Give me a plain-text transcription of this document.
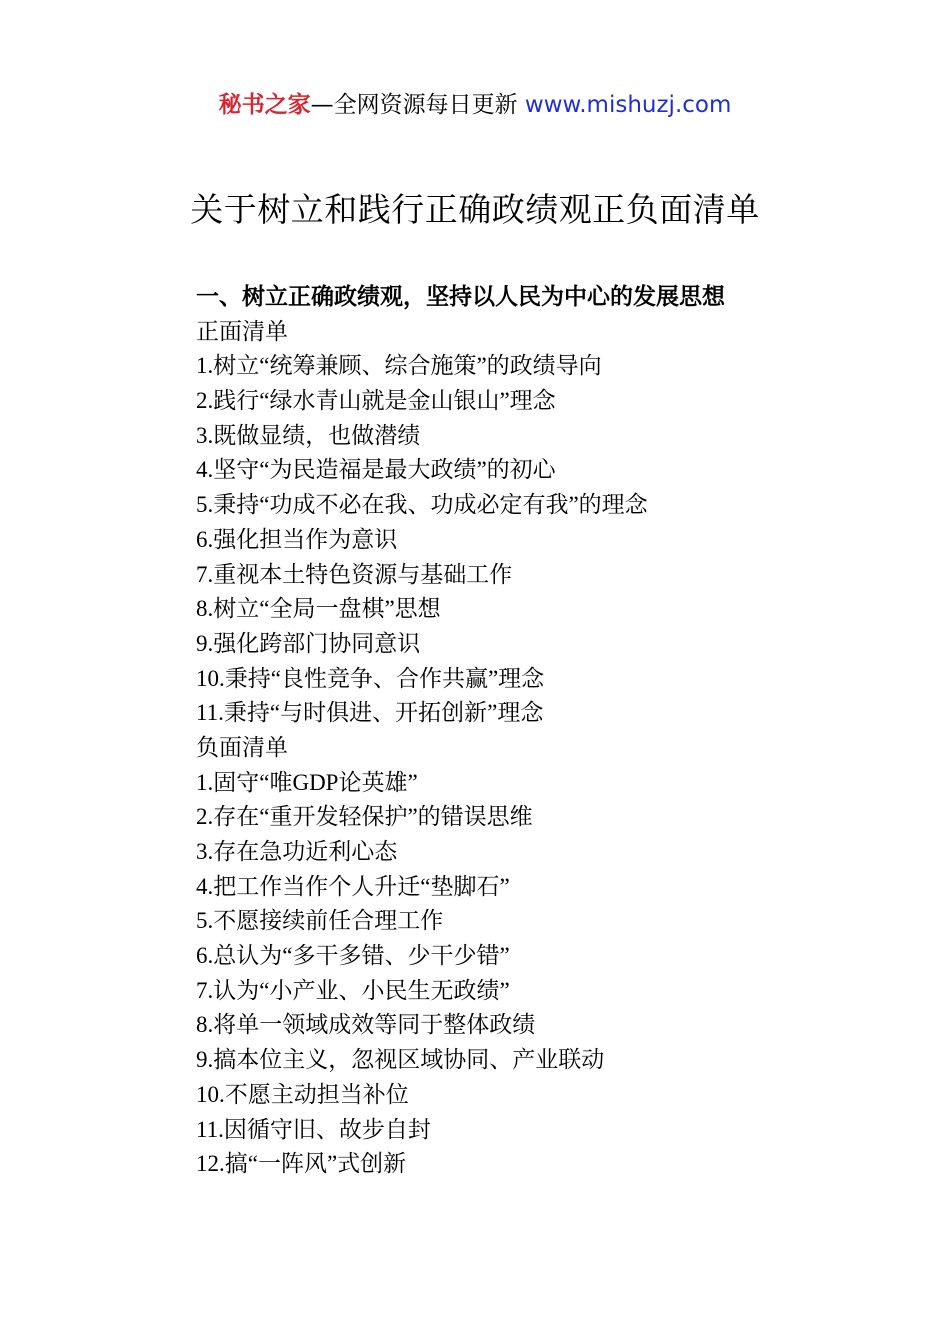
秘书之家—全网资源每日更新 www.mishuzj.com
关于树立和践行正确政绩观正负面清单
一、树立正确政绩观，坚持以人民为中心的发展思想
正面清单
1.树立“统筹兼顾、综合施策”的政绩导向
2.践行“绿水青山就是金山银山”理念
3.既做显绩，也做潜绩
4.坚守“为民造福是最大政绩”的初心
5.秉持“功成不必在我、功成必定有我”的理念
6.强化担当作为意识
7.重视本土特色资源与基础工作
8.树立“全局一盘棋”思想
9.强化跨部门协同意识
10.秉持“良性竞争、合作共赢”理念
11.秉持“与时俱进、开拓创新”理念
负面清单
1.固守“唯GDP论英雄”
2.存在“重开发轻保护”的错误思维
3.存在急功近利心态
4.把工作当作个人升迁“垫脚石”
5.不愿接续前任合理工作
6.总认为“多干多错、少干少错”
7.认为“小产业、小民生无政绩”
8.将单一领域成效等同于整体政绩
9.搞本位主义，忽视区域协同、产业联动
10.不愿主动担当补位
11.因循守旧、故步自封
12.搞“一阵风”式创新
